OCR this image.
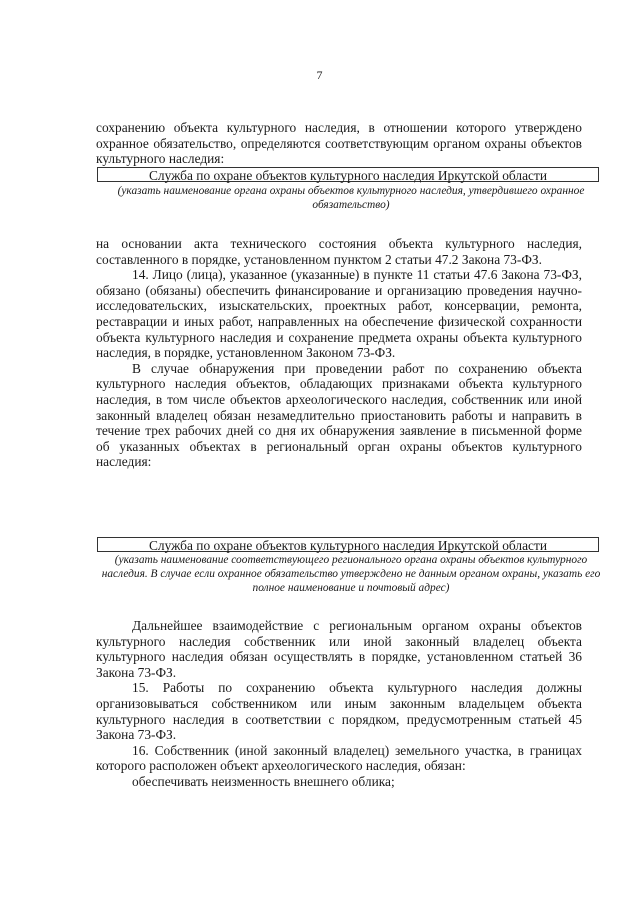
7

сохранению объекта культурного наследия, в отношении которого утверждено охранное обязательство, определяются соответствующим органом охраны объектов культурного наследия:

Служба по охране объектов культурного наследия Иркутской области
(указать наименование органа охраны объектов культурного наследия, утвердившего охранное обязательство)

на основании акта технического состояния объекта культурного наследия, составленного в порядке, установленном пунктом 2 статьи 47.2 Закона 73-ФЗ.

14. Лицо (лица), указанное (указанные) в пункте 11 статьи 47.6 Закона 73-ФЗ, обязано (обязаны) обеспечить финансирование и организацию проведения научно-исследовательских, изыскательских, проектных работ, консервации, ремонта, реставрации и иных работ, направленных на обеспечение физической сохранности объекта культурного наследия и сохранение предмета охраны объекта культурного наследия, в порядке, установленном Законом 73-ФЗ.

В случае обнаружения при проведении работ по сохранению объекта культурного наследия объектов, обладающих признаками объекта культурного наследия, в том числе объектов археологического наследия, собственник или иной законный владелец обязан незамедлительно приостановить работы и направить в течение трех рабочих дней со дня их обнаружения заявление в письменной форме об указанных объектах в региональный орган охраны объектов культурного наследия:

Служба по охране объектов культурного наследия Иркутской области
(указать наименование соответствующего регионального органа охраны объектов культурного наследия. В случае если охранное обязательство утверждено не данным органом охраны, указать его полное наименование и почтовый адрес)

Дальнейшее взаимодействие с региональным органом охраны объектов культурного наследия собственник или иной законный владелец объекта культурного наследия обязан осуществлять в порядке, установленном статьей 36 Закона 73-ФЗ.

15. Работы по сохранению объекта культурного наследия должны организовываться собственником или иным законным владельцем объекта культурного наследия в соответствии с порядком, предусмотренным статьей 45 Закона 73-ФЗ.

16. Собственник (иной законный владелец) земельного участка, в границах которого расположен объект археологического наследия, обязан:

обеспечивать неизменность внешнего облика;
